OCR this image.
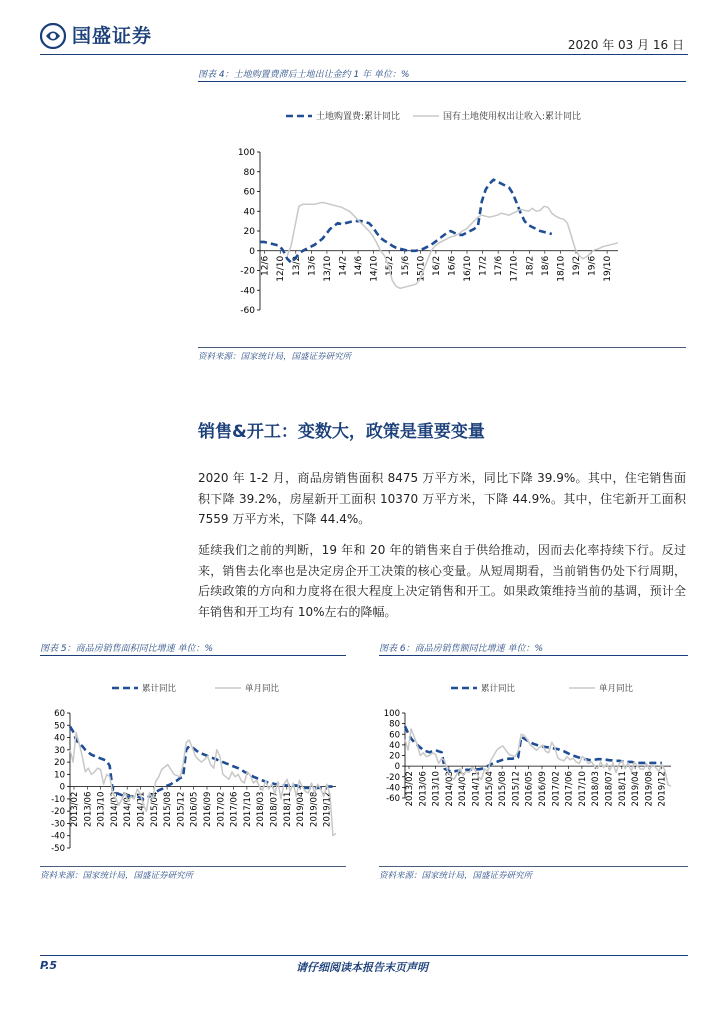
国盛证券	2020 年 03 月 16 日
图表 4：土地购置费滞后土地出让金约 1 年 单位：%
-60
-40
-20
0
20
40
60
80
100
12/6 12/10 13/2 13/6 13/10 14/2 14/6 14/10 15/2 15/6 15/10 16/2 16/6 16/10 17/2 17/6 17/10 18/2 18/6 18/10 19/2 19/6 19/10
土地购置费:累计同比	国有土地使用权出让收入:累计同比
资料来源：国家统计局，国盛证券研究所
销售&开工：变数大，政策是重要变量
2020 年 1-2 月，商品房销售面积 8475 万平方米，同比下降 39.9%。其中，住宅销售面积下降 39.2%，房屋新开工面积 10370 万平方米，下降 44.9%。其中，住宅新开工面积 7559 万平方米，下降 44.4%。
延续我们之前的判断，19 年和 20 年的销售来自于供给推动，因而去化率持续下行。反过来，销售去化率也是决定房企开工决策的核心变量。从短周期看，当前销售仍处下行周期，后续政策的方向和力度将在很大程度上决定销售和开工。如果政策维持当前的基调，预计全年销售和开工均有 10%左右的降幅。
图表 5：商品房销售面积同比增速 单位：%
-50
-40
-30
-20
-10
0
10
20
30
40
50
60
2013/02 2013/06 2013/10 2014/03 2014/07 2014/11 2015/04 2015/08 2015/12 2016/05 2016/09 2017/02 2017/06 2017/10 2018/03 2018/07 2018/11 2019/04 2019/08 2019/12
累计同比	单月同比
资料来源：国家统计局，国盛证券研究所
图表 6：商品房销售额同比增速 单位：%
-60
-40
-20
0
20
40
60
80
100
2013/02 2013/06 2013/10 2014/03 2014/07 2014/11 2015/04 2015/08 2015/12 2016/05 2016/09 2017/02 2017/06 2017/10 2018/03 2018/07 2018/11 2019/04 2019/08 2019/12
累计同比	单月同比
资料来源：国家统计局，国盛证券研究所
P.5	请仔细阅读本报告末页声明
